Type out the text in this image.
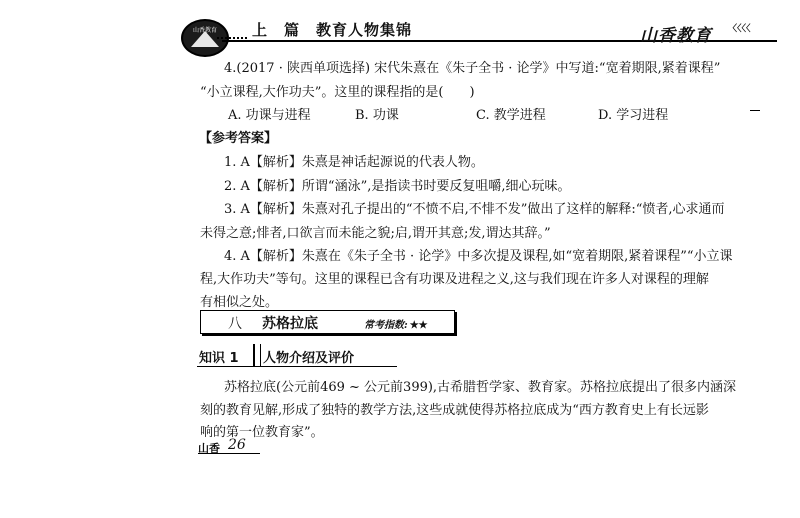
山香教育	上　篇　教育人物集锦	山香教育 〈〈〈〈
4.(2017 · 陕西单项选择) 宋代朱熹在《朱子全书 · 论学》中写道:“宽着期限,紧着课程”
“小立课程,大作功夫”。这里的课程指的是(　　)
A. 功课与进程	B. 功课	C. 教学进程	D. 学习进程
【参考答案】
1. A【解析】朱熹是神话起源说的代表人物。
2. A【解析】所谓“涵泳”,是指读书时要反复咀嚼,细心玩味。
3. A【解析】朱熹对孔子提出的“不愤不启,不悱不发”做出了这样的解释:“愤者,心求通而
未得之意;悱者,口欲言而未能之貌;启,谓开其意;发,谓达其辞。”
4. A【解析】朱熹在《朱子全书 · 论学》中多次提及课程,如“宽着期限,紧着课程”“小立课
程,大作功夫”等句。这里的课程已含有功课及进程之义,这与我们现在许多人对课程的理解
有相似之处。
八 苏格拉底	常考指数: ★★
知识 1 人物介绍及评价
苏格拉底(公元前469 ~ 公元前399),古希腊哲学家、教育家。苏格拉底提出了很多内涵深
刻的教育见解,形成了独特的教学方法,这些成就使得苏格拉底成为“西方教育史上有长远影
响的第一位教育家”。
山香 26
